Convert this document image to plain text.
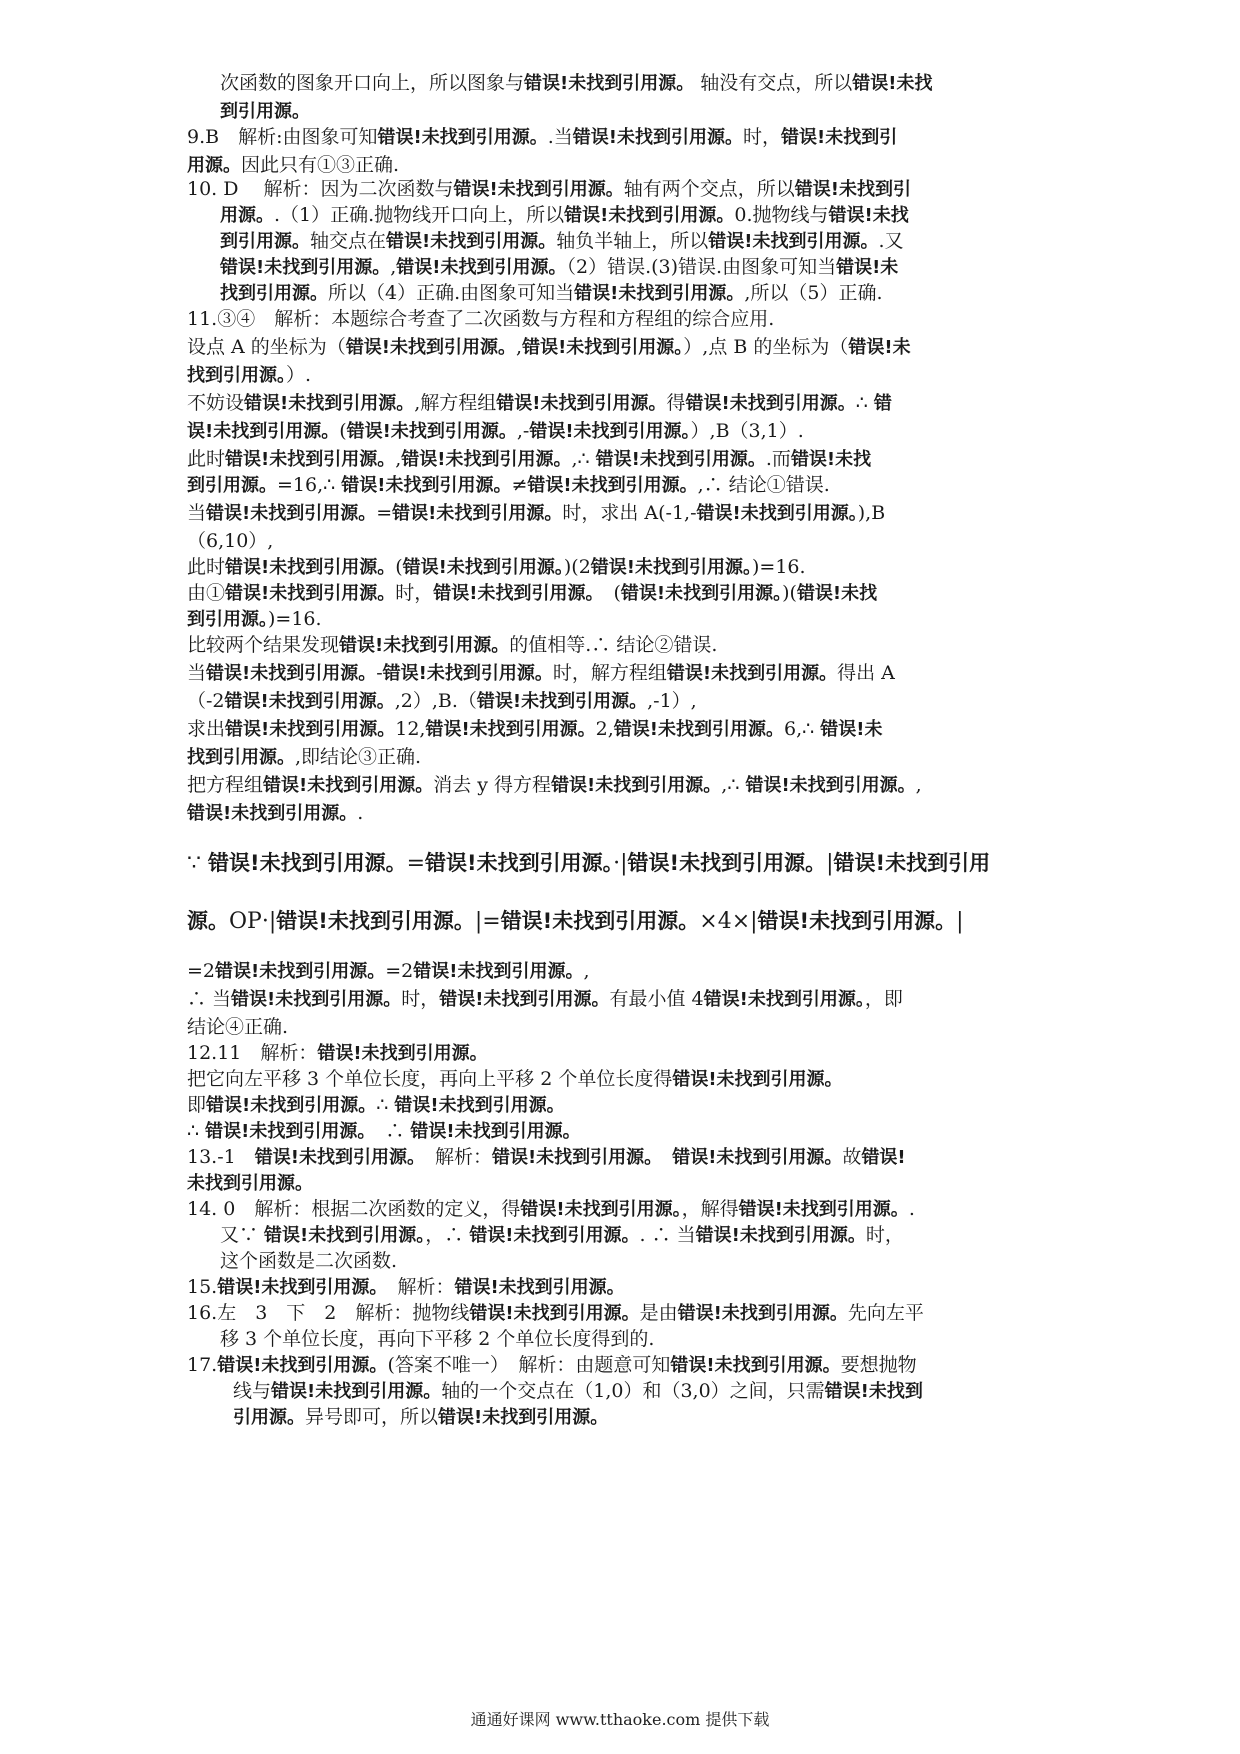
次函数的图象开口向上，所以图象与错误!未找到引用源。 轴没有交点，所以错误!未找
到引用源。
9.B　解析:由图象可知错误!未找到引用源。.当错误!未找到引用源。时，错误!未找到引
用源。因此只有①③正确.
10. D　 解析：因为二次函数与错误!未找到引用源。轴有两个交点，所以错误!未找到引
用源。.（1）正确.抛物线开口向上，所以错误!未找到引用源。0.抛物线与错误!未找
到引用源。轴交点在错误!未找到引用源。轴负半轴上，所以错误!未找到引用源。.又
错误!未找到引用源。,错误!未找到引用源。（2）错误.(3)错误.由图象可知当错误!未
找到引用源。所以（4）正确.由图象可知当错误!未找到引用源。,所以（5）正确.
11.③④　解析：本题综合考查了二次函数与方程和方程组的综合应用.
设点 A 的坐标为（错误!未找到引用源。,错误!未找到引用源。）,点 B 的坐标为（错误!未
找到引用源。）.
不妨设错误!未找到引用源。,解方程组错误!未找到引用源。得错误!未找到引用源。∴ 错
误!未找到引用源。(错误!未找到引用源。,-错误!未找到引用源。）,B（3,1）.
此时错误!未找到引用源。,错误!未找到引用源。,∴ 错误!未找到引用源。.而错误!未找
到引用源。=16,∴ 错误!未找到引用源。≠错误!未找到引用源。,∴ 结论①错误.
当错误!未找到引用源。=错误!未找到引用源。时，求出 A(-1,-错误!未找到引用源。),B
（6,10）,
此时错误!未找到引用源。(错误!未找到引用源。)(2错误!未找到引用源。)=16.
由①错误!未找到引用源。时，错误!未找到引用源。　(错误!未找到引用源。)(错误!未找
到引用源。)=16.
比较两个结果发现错误!未找到引用源。的值相等.∴ 结论②错误.
当错误!未找到引用源。-错误!未找到引用源。时，解方程组错误!未找到引用源。得出 A
（-2错误!未找到引用源。,2）,B.（错误!未找到引用源。,-1）,
求出错误!未找到引用源。12,错误!未找到引用源。2,错误!未找到引用源。6,∴ 错误!未
找到引用源。,即结论③正确.
把方程组错误!未找到引用源。消去 y 得方程错误!未找到引用源。,∴ 错误!未找到引用源。,
错误!未找到引用源。.
∵ 错误!未找到引用源。=错误!未找到引用源。·|错误!未找到引用源。|错误!未找到引用
源。OP·|错误!未找到引用源。|=错误!未找到引用源。×4×|错误!未找到引用源。|
=2错误!未找到引用源。=2错误!未找到引用源。,
∴ 当错误!未找到引用源。时，错误!未找到引用源。有最小值 4错误!未找到引用源。，即
结论④正确.
12.11　解析：错误!未找到引用源。
把它向左平移 3 个单位长度，再向上平移 2 个单位长度得错误!未找到引用源。
即错误!未找到引用源。∴ 错误!未找到引用源。
∴ 错误!未找到引用源。　∴ 错误!未找到引用源。
13.-1　错误!未找到引用源。　解析：错误!未找到引用源。　 错误!未找到引用源。故错误!
未找到引用源。
14. 0　解析：根据二次函数的定义，得错误!未找到引用源。，解得错误!未找到引用源。.
又∵ 错误!未找到引用源。，∴ 错误!未找到引用源。. ∴ 当错误!未找到引用源。时，
这个函数是二次函数.
15.错误!未找到引用源。　解析：错误!未找到引用源。
16.左　3　下　2　解析：抛物线错误!未找到引用源。是由错误!未找到引用源。先向左平
移 3 个单位长度，再向下平移 2 个单位长度得到的.
17.错误!未找到引用源。(答案不唯一）　解析：由题意可知错误!未找到引用源。要想抛物
线与错误!未找到引用源。轴的一个交点在（1,0）和（3,0）之间，只需错误!未找到
引用源。异号即可，所以错误!未找到引用源。
通通好课网 www.tthaoke.com 提供下载
